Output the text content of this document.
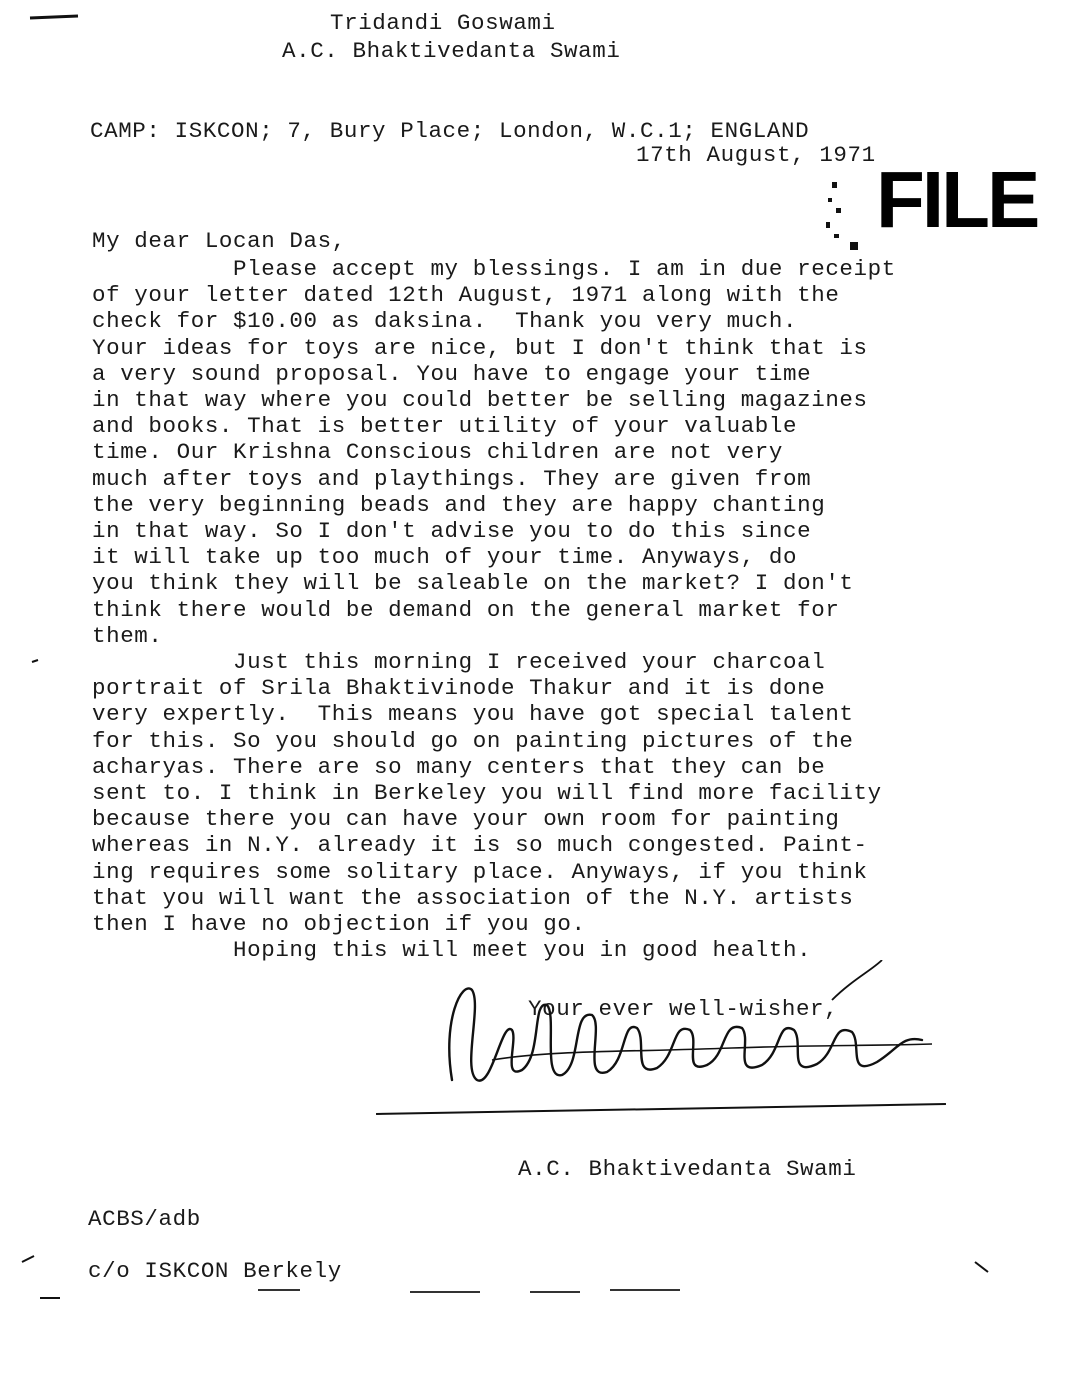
Tridandi Goswami
A.C. Bhaktivedanta Swami
CAMP: ISKCON; 7, Bury Place; London, W.C.1; ENGLAND
17th August, 1971 FILE
My dear Locan Das,
Please accept my blessings. I am in due receipt
of your letter dated 12th August, 1971 along with the
check for $10.00 as daksina.  Thank you very much.
Your ideas for toys are nice, but I don't think that is
a very sound proposal. You have to engage your time
in that way where you could better be selling magazines
and books. That is better utility of your valuable
time. Our Krishna Conscious children are not very
much after toys and playthings. They are given from
the very beginning beads and they are happy chanting
in that way. So I don't advise you to do this since
it will take up too much of your time. Anyways, do
you think they will be saleable on the market? I don't
think there would be demand on the general market for
them.
Just this morning I received your charcoal
portrait of Srila Bhaktivinode Thakur and it is done
very expertly.  This means you have got special talent
for this. So you should go on painting pictures of the
acharyas. There are so many centers that they can be
sent to. I think in Berkeley you will find more facility
because there you can have your own room for painting
whereas in N.Y. already it is so much congested. Paint-
ing requires some solitary place. Anyways, if you think
that you will want the association of the N.Y. artists
then I have no objection if you go.
Hoping this will meet you in good health.
Your ever well-wisher,
A.C. Bhaktivedanta Swami
ACBS/adb
c/o ISKCON Berkely
